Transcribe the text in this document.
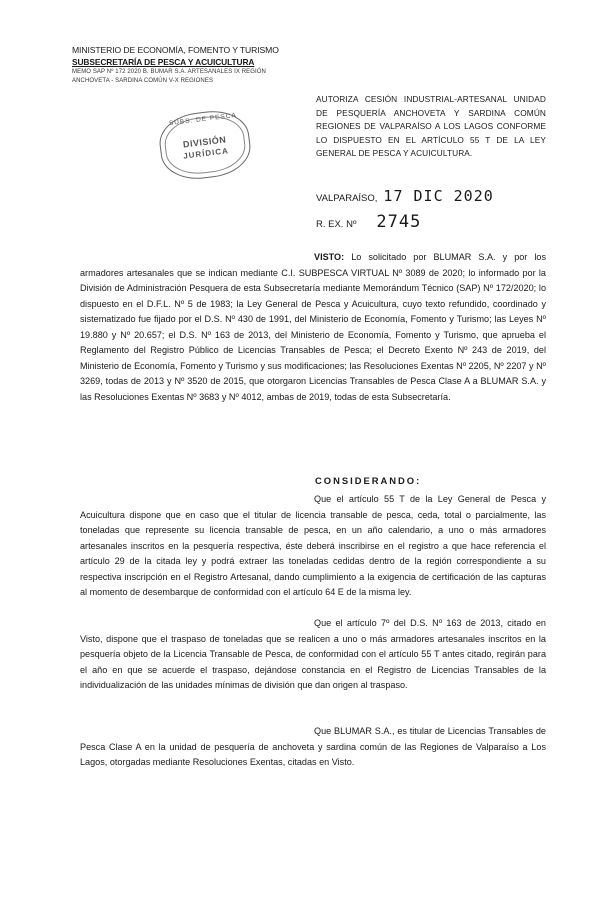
MINISTERIO DE ECONOMÍA, FOMENTO Y TURISMO
SUBSECRETARÍA DE PESCA Y ACUICULTURA
MEMO SAP Nº 172 2020 B. BUMAR S.A. ARTESANALES IX REGIÓN
ANCHOVETA - SARDINA COMÚN V-X REGIONES
AUTORIZA CESIÓN INDUSTRIAL-ARTESANAL UNIDAD DE PESQUERÍA ANCHOVETA Y SARDINA COMÚN REGIONES DE VALPARAÍSO A LOS LAGOS CONFORME LO DISPUESTO EN EL ARTÍCULO 55 T DE LA LEY GENERAL DE PESCA Y ACUICULTURA.
SUBS. DE PESCA
DIVISIÓN
JURÍDICA
VALPARAÍSO, 17 DIC 2020
R. EX. Nº 2745
VISTO: Lo solicitado por BLUMAR S.A. y por los armadores artesanales que se indican mediante C.I. SUBPESCA VIRTUAL Nº 3089 de 2020; lo informado por la División de Administración Pesquera de esta Subsecretaría mediante Memorándum Técnico (SAP) Nº 172/2020; lo dispuesto en el D.F.L. Nº 5 de 1983; la Ley General de Pesca y Acuicultura, cuyo texto refundido, coordinado y sistematizado fue fijado por el D.S. Nº 430 de 1991, del Ministerio de Economía, Fomento y Turismo; las Leyes Nº 19.880 y Nº 20.657; el D.S. Nº 163 de 2013, del Ministerio de Economía, Fomento y Turismo, que aprueba el Reglamento del Registro Público de Licencias Transables de Pesca; el Decreto Exento Nº 243 de 2019, del Ministerio de Economía, Fomento y Turismo y sus modificaciones; las Resoluciones Exentas Nº 2205, Nº 2207 y Nº 3269, todas de 2013 y Nº 3520 de 2015, que otorgaron Licencias Transables de Pesca Clase A a BLUMAR S.A. y las Resoluciones Exentas Nº 3683 y Nº 4012, ambas de 2019, todas de esta Subsecretaría.
CONSIDERANDO:
Que el artículo 55 T de la Ley General de Pesca y Acuicultura dispone que en caso que el titular de licencia transable de pesca, ceda, total o parcialmente, las toneladas que represente su licencia transable de pesca, en un año calendario, a uno o más armadores artesanales inscritos en la pesquería respectiva, éste deberá inscribirse en el registro a que hace referencia el artículo 29 de la citada ley y podrá extraer las toneladas cedidas dentro de la región correspondiente a su respectiva inscripción en el Registro Artesanal, dando cumplimiento a la exigencia de certificación de las capturas al momento de desembarque de conformidad con el artículo 64 E de la misma ley.
Que el artículo 7º del D.S. Nº 163 de 2013, citado en Visto, dispone que el traspaso de toneladas que se realicen a uno o más armadores artesanales inscritos en la pesquería objeto de la Licencia Transable de Pesca, de conformidad con el artículo 55 T antes citado, regirán para el año en que se acuerde el traspaso, dejándose constancia en el Registro de Licencias Transables de la individualización de las unidades mínimas de división que dan origen al traspaso.
Que BLUMAR S.A., es titular de Licencias Transables de Pesca Clase A en la unidad de pesquería de anchoveta y sardina común de las Regiones de Valparaíso a Los Lagos, otorgadas mediante Resoluciones Exentas, citadas en Visto.
